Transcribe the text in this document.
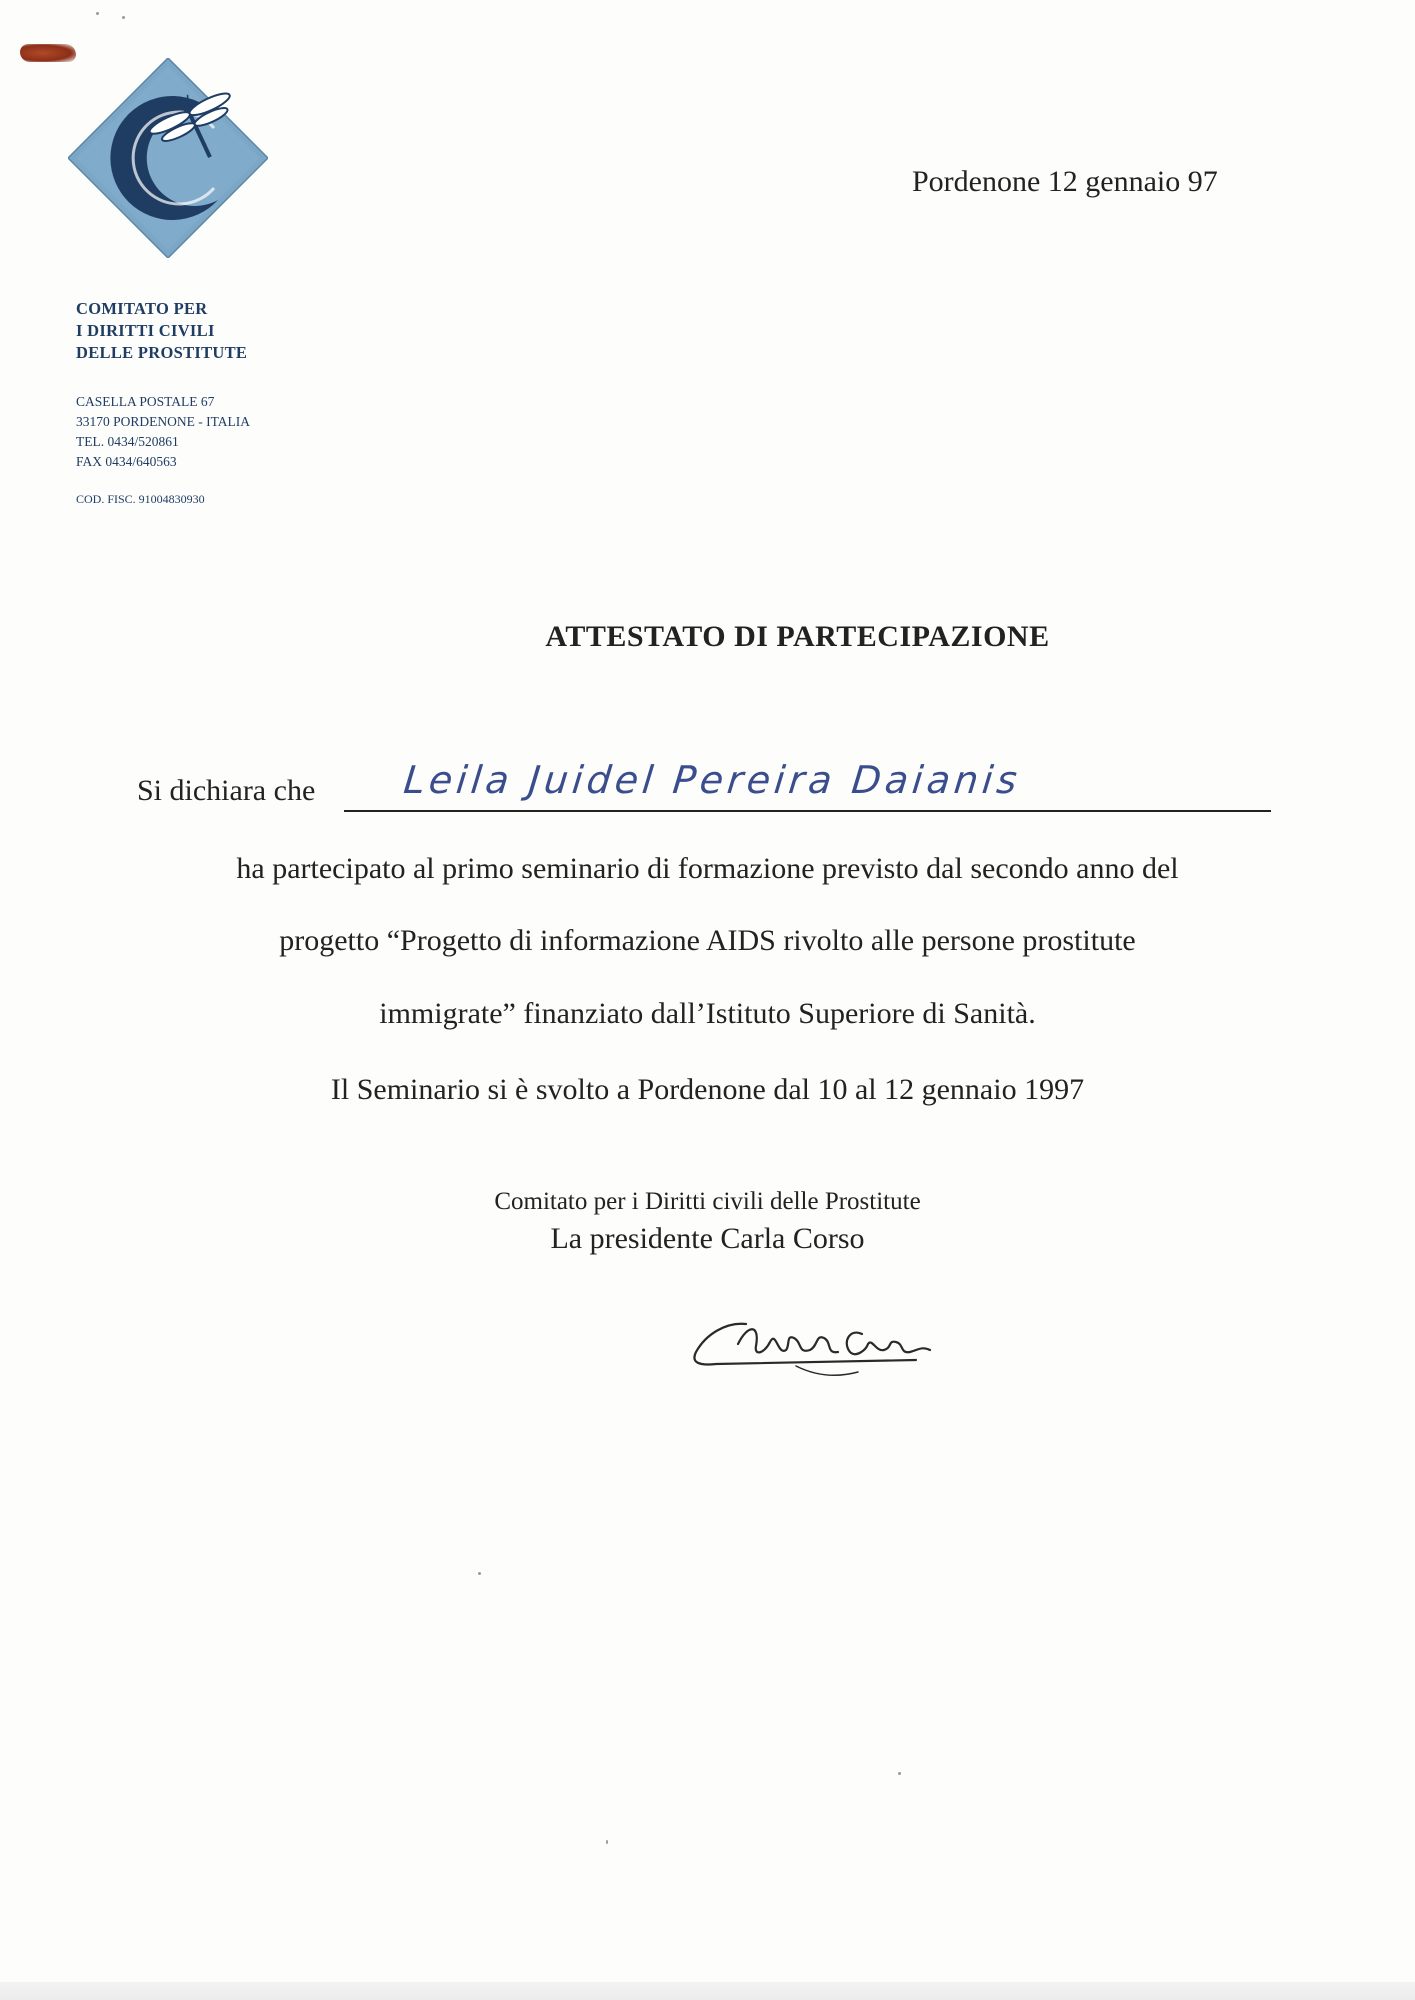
COMITATO PER
I DIRITTI CIVILI
DELLE PROSTITUTE
CASELLA POSTALE 67
33170 PORDENONE - ITALIA
TEL. 0434/520861
FAX 0434/640563
COD. FISC. 91004830930
Pordenone 12 gennaio 97
ATTESTATO DI PARTECIPAZIONE
Si dichiara che Leila Juidel Pereira Daianis
ha partecipato al primo seminario di formazione previsto dal secondo anno del
progetto “Progetto di informazione AIDS rivolto alle persone prostitute
immigrate” finanziato dall’Istituto Superiore di Sanità.
Il Seminario si è svolto a Pordenone dal 10 al 12 gennaio 1997
Comitato per i Diritti civili delle Prostitute
La presidente Carla Corso
